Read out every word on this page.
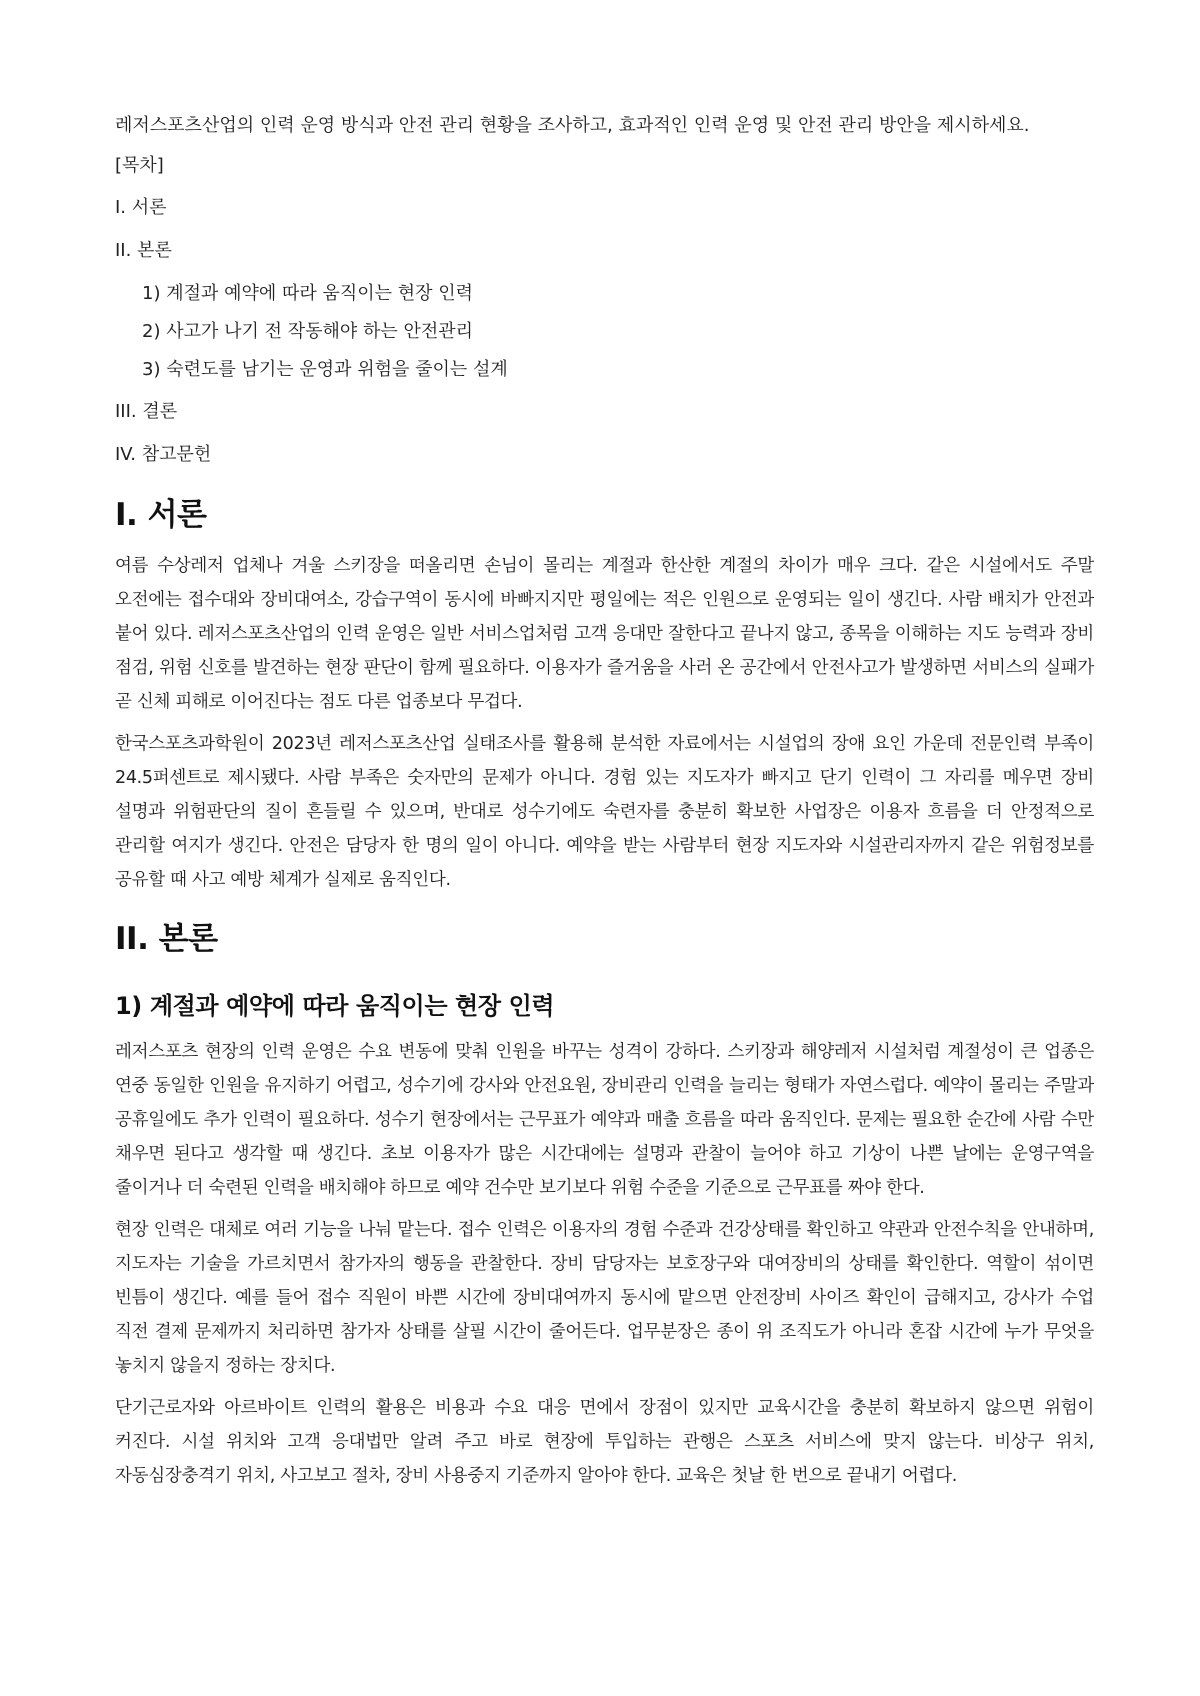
레저스포츠산업의 인력 운영 방식과 안전 관리 현황을 조사하고, 효과적인 인력 운영 및 안전 관리 방안을 제시하세요.

[목차]

I. 서론
II. 본론
1) 계절과 예약에 따라 움직이는 현장 인력
2) 사고가 나기 전 작동해야 하는 안전관리
3) 숙련도를 남기는 운영과 위험을 줄이는 설계
III. 결론
IV. 참고문헌
I. 서론

여름 수상레저 업체나 겨울 스키장을 떠올리면 손님이 몰리는 계절과 한산한 계절의 차이가 매우 크다. 같은 시설에서도 주말 오전에는 접수대와 장비대여소, 강습구역이 동시에 바빠지지만 평일에는 적은 인원으로 운영되는 일이 생긴다. 사람 배치가 안전과 붙어 있다. 레저스포츠산업의 인력 운영은 일반 서비스업처럼 고객 응대만 잘한다고 끝나지 않고, 종목을 이해하는 지도 능력과 장비 점검, 위험 신호를 발견하는 현장 판단이 함께 필요하다. 이용자가 즐거움을 사러 온 공간에서 안전사고가 발생하면 서비스의 실패가 곧 신체 피해로 이어진다는 점도 다른 업종보다 무겁다.

한국스포츠과학원이 2023년 레저스포츠산업 실태조사를 활용해 분석한 자료에서는 시설업의 장애 요인 가운데 전문인력 부족이 24.5퍼센트로 제시됐다. 사람 부족은 숫자만의 문제가 아니다. 경험 있는 지도자가 빠지고 단기 인력이 그 자리를 메우면 장비 설명과 위험판단의 질이 흔들릴 수 있으며, 반대로 성수기에도 숙련자를 충분히 확보한 사업장은 이용자 흐름을 더 안정적으로 관리할 여지가 생긴다. 안전은 담당자 한 명의 일이 아니다. 예약을 받는 사람부터 현장 지도자와 시설관리자까지 같은 위험정보를 공유할 때 사고 예방 체계가 실제로 움직인다.

II. 본론
1) 계절과 예약에 따라 움직이는 현장 인력

레저스포츠 현장의 인력 운영은 수요 변동에 맞춰 인원을 바꾸는 성격이 강하다. 스키장과 해양레저 시설처럼 계절성이 큰 업종은 연중 동일한 인원을 유지하기 어렵고, 성수기에 강사와 안전요원, 장비관리 인력을 늘리는 형태가 자연스럽다. 예약이 몰리는 주말과 공휴일에도 추가 인력이 필요하다. 성수기 현장에서는 근무표가 예약과 매출 흐름을 따라 움직인다. 문제는 필요한 순간에 사람 수만 채우면 된다고 생각할 때 생긴다. 초보 이용자가 많은 시간대에는 설명과 관찰이 늘어야 하고 기상이 나쁜 날에는 운영구역을 줄이거나 더 숙련된 인력을 배치해야 하므로 예약 건수만 보기보다 위험 수준을 기준으로 근무표를 짜야 한다.

현장 인력은 대체로 여러 기능을 나눠 맡는다. 접수 인력은 이용자의 경험 수준과 건강상태를 확인하고 약관과 안전수칙을 안내하며, 지도자는 기술을 가르치면서 참가자의 행동을 관찰한다. 장비 담당자는 보호장구와 대여장비의 상태를 확인한다. 역할이 섞이면 빈틈이 생긴다. 예를 들어 접수 직원이 바쁜 시간에 장비대여까지 동시에 맡으면 안전장비 사이즈 확인이 급해지고, 강사가 수업 직전 결제 문제까지 처리하면 참가자 상태를 살필 시간이 줄어든다. 업무분장은 종이 위 조직도가 아니라 혼잡 시간에 누가 무엇을 놓치지 않을지 정하는 장치다.

단기근로자와 아르바이트 인력의 활용은 비용과 수요 대응 면에서 장점이 있지만 교육시간을 충분히 확보하지 않으면 위험이 커진다. 시설 위치와 고객 응대법만 알려 주고 바로 현장에 투입하는 관행은 스포츠 서비스에 맞지 않는다. 비상구 위치, 자동심장충격기 위치, 사고보고 절차, 장비 사용중지 기준까지 알아야 한다. 교육은 첫날 한 번으로 끝내기 어렵다.
